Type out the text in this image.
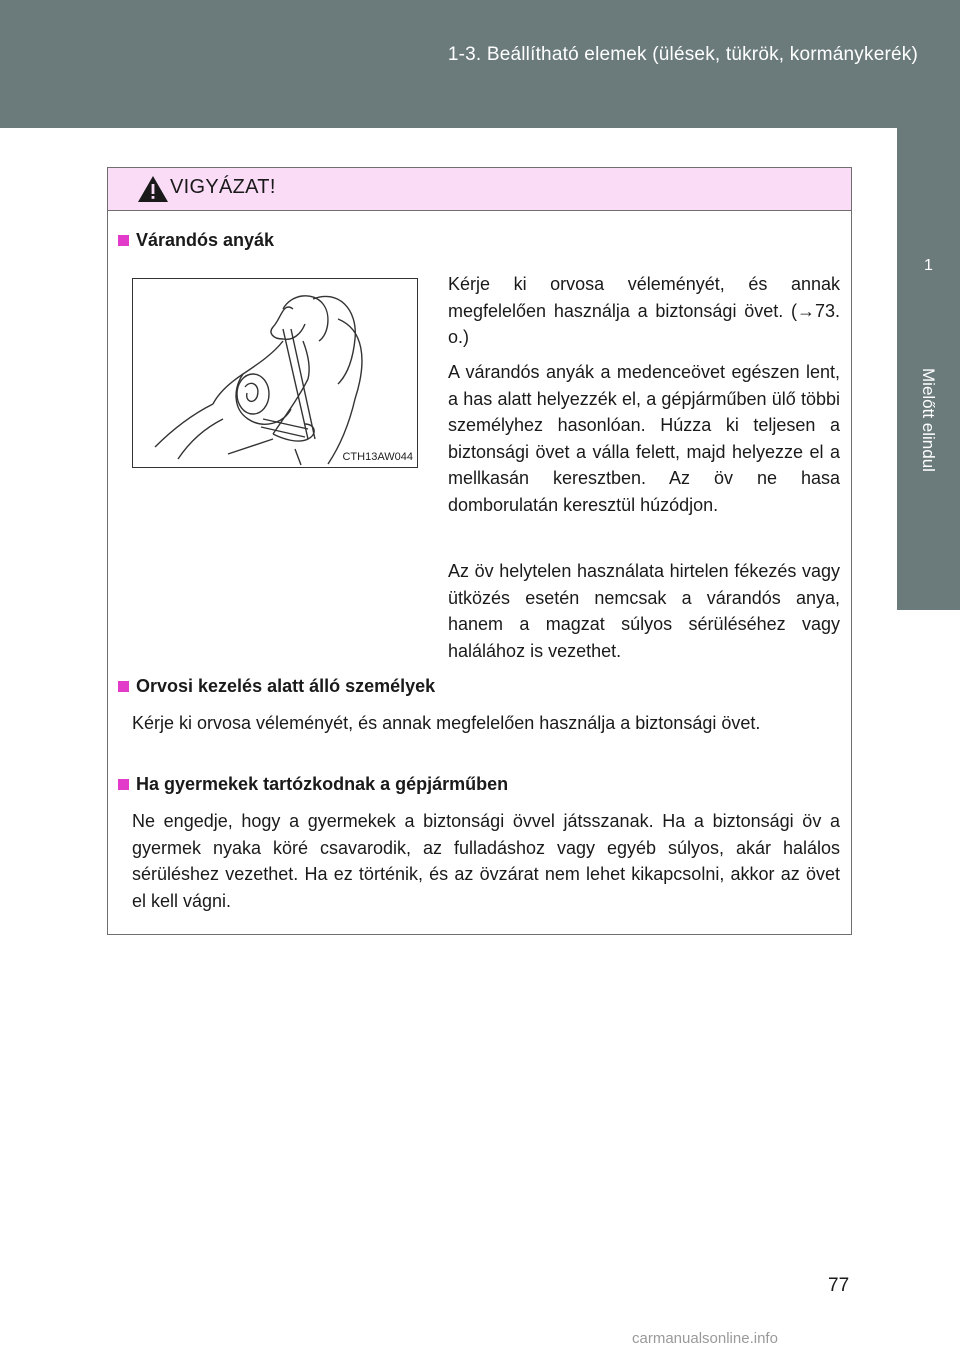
1-3. Beállítható elemek (ülések, tükrök, kormánykerék)
1
Mielőtt elindul
VIGYÁZAT!
Várandós anyák
CTH13AW044
Kérje ki orvosa véleményét, és annak megfelelően használja a biztonsági övet. (→73. o.)
A várandós anyák a medenceövet egészen lent, a has alatt helyezzék el, a gépjárműben ülő többi személyhez hasonlóan. Húzza ki teljesen a biztonsági övet a válla felett, majd helyezze el a mellkasán keresztben. Az öv ne hasa domborulatán keresztül húzódjon.
Az öv helytelen használata hirtelen fékezés vagy ütközés esetén nemcsak a várandós anya, hanem a magzat súlyos sérüléséhez vagy halálához is vezethet.
Orvosi kezelés alatt álló személyek
Kérje ki orvosa véleményét, és annak megfelelően használja a biztonsági övet.
Ha gyermekek tartózkodnak a gépjárműben
Ne engedje, hogy a gyermekek a biztonsági övvel játsszanak. Ha a biztonsági öv a gyermek nyaka köré csavarodik, az fulladáshoz vagy egyéb súlyos, akár halálos sérüléshez vezethet. Ha ez történik, és az övzárat nem lehet kikapcsolni, akkor az övet el kell vágni.
77
carmanualsonline.info
